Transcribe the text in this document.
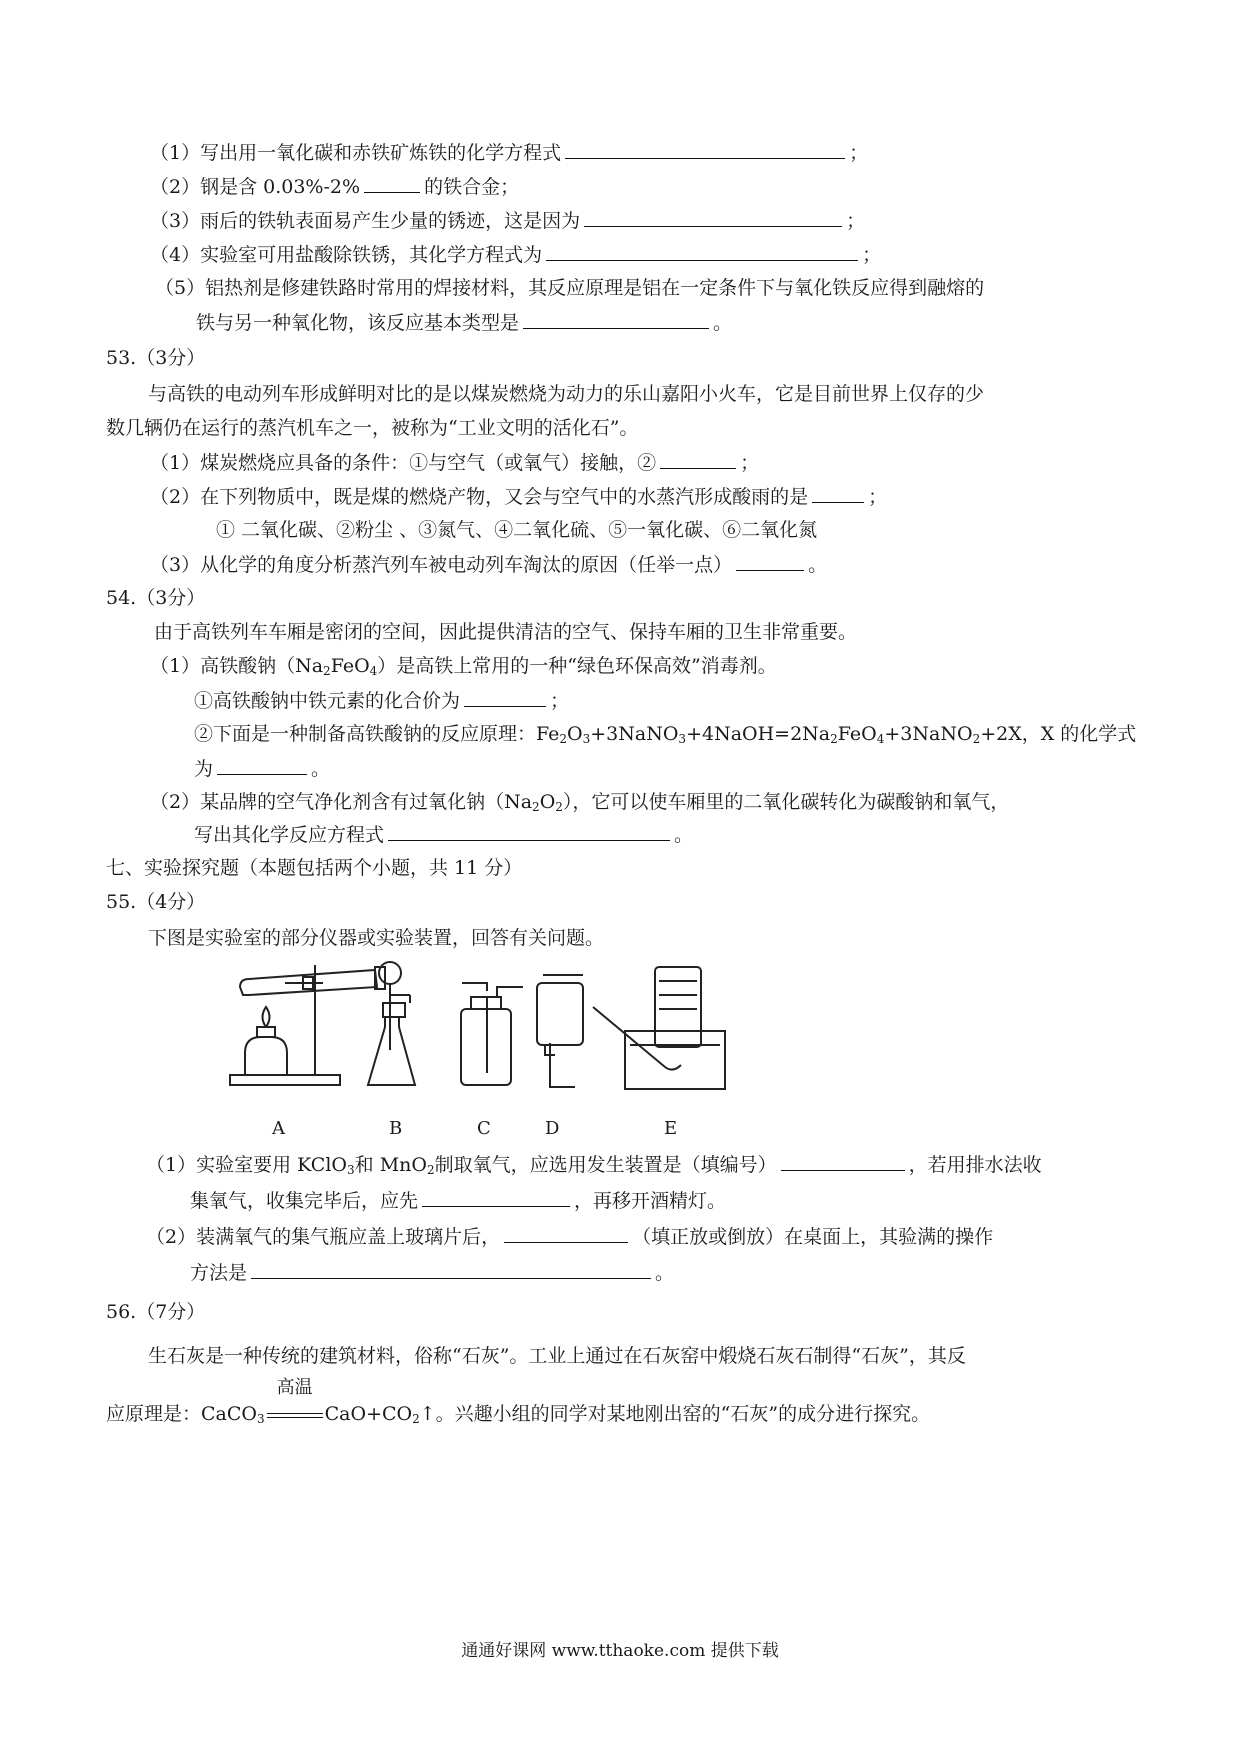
（1）写出用一氧化碳和赤铁矿炼铁的化学方程式	；
（2）钢是含 0.03%-2%	的铁合金；
（3）雨后的铁轨表面易产生少量的锈迹，这是因为	；
（4）实验室可用盐酸除铁锈，其化学方程式为	；
（5）铝热剂是修建铁路时常用的焊接材料，其反应原理是铝在一定条件下与氧化铁反应得到融熔的
铁与另一种氧化物，该反应基本类型是	。
53.（3分）
与高铁的电动列车形成鲜明对比的是以煤炭燃烧为动力的乐山嘉阳小火车，它是目前世界上仅存的少
数几辆仍在运行的蒸汽机车之一，被称为“工业文明的活化石”。
（1）煤炭燃烧应具备的条件：①与空气（或氧气）接触，②	；
（2）在下列物质中，既是煤的燃烧产物，又会与空气中的水蒸汽形成酸雨的是	；
① 二氧化碳、②粉尘 、③氮气、④二氧化硫、⑤一氧化碳、⑥二氧化氮
（3）从化学的角度分析蒸汽列车被电动列车淘汰的原因（任举一点）	。
54.（3分）
由于高铁列车车厢是密闭的空间，因此提供清洁的空气、保持车厢的卫生非常重要。
（1）高铁酸钠$(Na_2FeO_4)$是高铁上常用的一种“绿色环保高效”消毒剂。
①高铁酸钠中铁元素的化合价为	；
②下面是一种制备高铁酸钠的反应原理：$Fe_2O_3+3NaNO_3+4NaOH=2Na_2FeO_4+3NaNO_2+2X$，X 的化学式
为	。
（2）某品牌的空气净化剂含有过氧化钠$(Na_2O_2)$，它可以使车厢里的二氧化碳转化为碳酸钠和氧气，
写出其化学反应方程式	。
七、实验探究题（本题包括两个小题，共 11 分）
55.（4分）
下图是实验室的部分仪器或实验装置，回答有关问题。
A	B	C	D	E
（1）实验室要用 KClO$_3$和 MnO$_2$制取氧气，应选用发生装置是（填编号）	，若用排水法收
集氧气，收集完毕后，应先	，再移开酒精灯。
（2）装满氧气的集气瓶应盖上玻璃片后，	（填正放或倒放）在桌面上，其验满的操作
方法是	。
56.（7分）
生石灰是一种传统的建筑材料，俗称“石灰”。工业上通过在石灰窑中煅烧石灰石制得“石灰”，其反
应原理是：CaCO$_3$
高温
$CaO+CO_2↑$。兴趣小组的同学对某地刚出窑的“石灰”的成分进行探究。
通通好课网 www.tthaoke.com 提供下载
